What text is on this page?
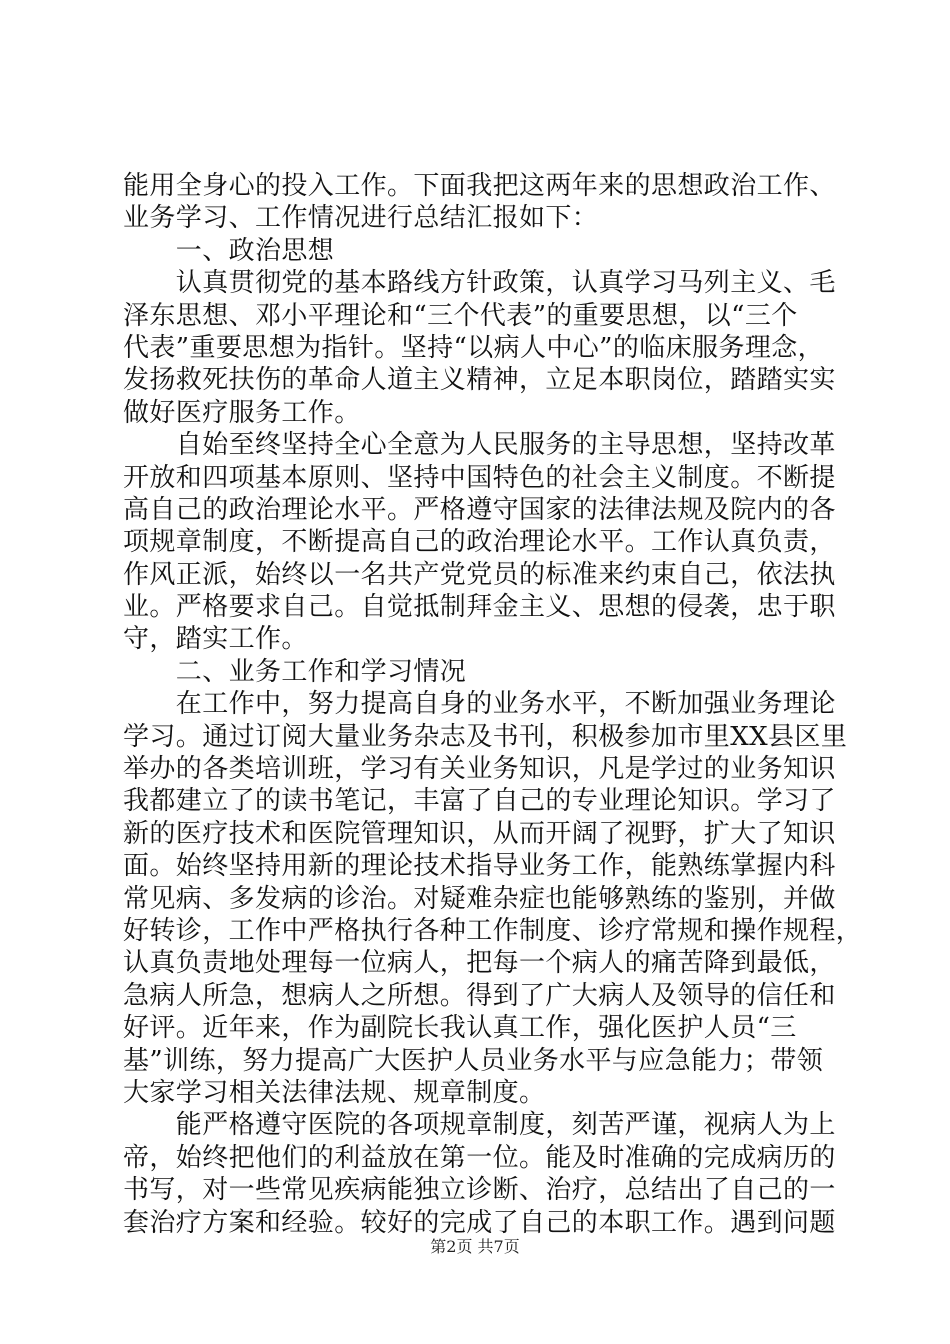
能用全身心的投入工作。下面我把这两年来的思想政治工作、
业务学习、工作情况进行总结汇报如下：
　　一、政治思想
　　认真贯彻党的基本路线方针政策，认真学习马列主义、毛
泽东思想、邓小平理论和“三个代表”的重要思想，以“三个
代表”重要思想为指针。坚持“以病人中心”的临床服务理念，
发扬救死扶伤的革命人道主义精神，立足本职岗位，踏踏实实
做好医疗服务工作。
　　自始至终坚持全心全意为人民服务的主导思想，坚持改革
开放和四项基本原则、坚持中国特色的社会主义制度。不断提
高自己的政治理论水平。严格遵守国家的法律法规及院内的各
项规章制度，不断提高自己的政治理论水平。工作认真负责，
作风正派，始终以一名共产党党员的标准来约束自己，依法执
业。严格要求自己。自觉抵制拜金主义、思想的侵袭，忠于职
守，踏实工作。
　　二、业务工作和学习情况
　　在工作中，努力提高自身的业务水平，不断加强业务理论
学习。通过订阅大量业务杂志及书刊，积极参加市里XX县区里
举办的各类培训班，学习有关业务知识，凡是学过的业务知识
我都建立了的读书笔记，丰富了自己的专业理论知识。学习了
新的医疗技术和医院管理知识，从而开阔了视野，扩大了知识
面。始终坚持用新的理论技术指导业务工作，能熟练掌握内科
常见病、多发病的诊治。对疑难杂症也能够熟练的鉴别，并做
好转诊，工作中严格执行各种工作制度、诊疗常规和操作规程，
认真负责地处理每一位病人，把每一个病人的痛苦降到最低，
急病人所急，想病人之所想。得到了广大病人及领导的信任和
好评。近年来，作为副院长我认真工作，强化医护人员“三
基”训练，努力提高广大医护人员业务水平与应急能力；带领
大家学习相关法律法规、规章制度。
　　能严格遵守医院的各项规章制度，刻苦严谨，视病人为上
帝，始终把他们的利益放在第一位。能及时准确的完成病历的
书写，对一些常见疾病能独立诊断、治疗，总结出了自己的一
套治疗方案和经验。较好的完成了自己的本职工作。遇到问题
第2页 共7页
